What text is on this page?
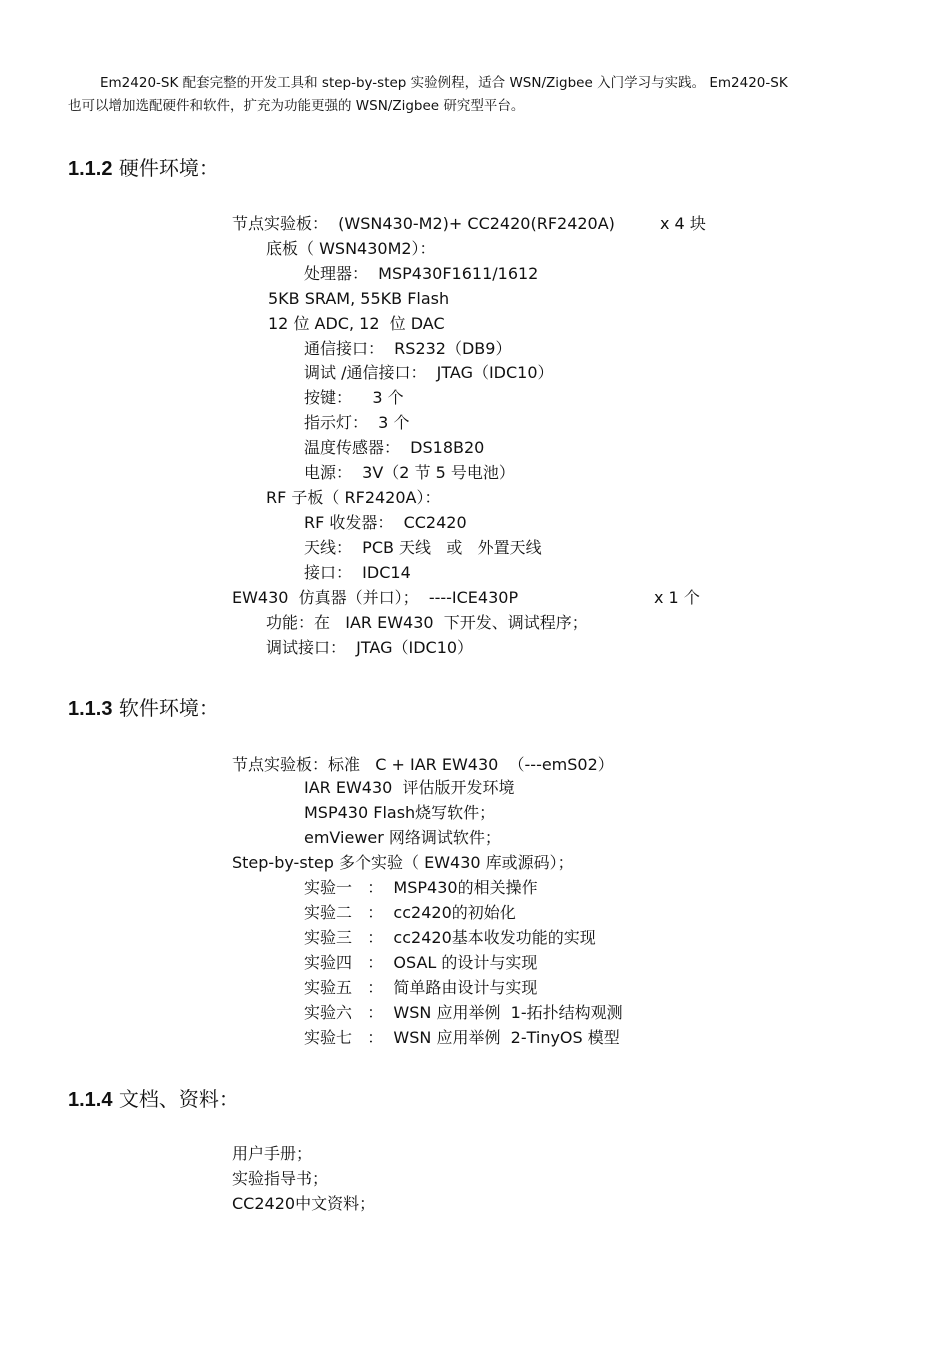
Em2420-SK 配套完整的开发工具和 step-by-step 实验例程，适合 WSN/Zigbee 入门学习与实践。 Em2420-SK

也可以增加选配硬件和软件，扩充为功能更强的 WSN/Zigbee 研究型平台。

1.1.2 硬件环境：
节点实验板：  (WSN430-M2)+ CC2420(RF2420A)	x 4 块
底板（ WSN430M2）：
处理器：  MSP430F1611/1612
5KB SRAM, 55KB Flash
12 位 ADC, 12  位 DAC
通信接口：  RS232（DB9）
调试 /通信接口：  JTAG（IDC10）
按键：    3 个
指示灯：  3 个
温度传感器：  DS18B20
电源：  3V（2 节 5 号电池）
RF 子板（ RF2420A）：
RF 收发器：  CC2420
天线：  PCB 天线   或   外置天线
接口：  IDC14
EW430  仿真器（并口）；  ----ICE430P	x 1 个
功能：在   IAR EW430  下开发、调试程序；
调试接口：  JTAG（IDC10）
1.1.3 软件环境：
节点实验板：标准   C + IAR EW430  （---emS02）
IAR EW430  评估版开发环境
MSP430 Flash烧写软件；
emViewer 网络调试软件；
Step-by-step 多个实验（ EW430 库或源码）；
实验一   ：  MSP430的相关操作
实验二   ：  cc2420的初始化
实验三   ：  cc2420基本收发功能的实现
实验四   ：  OSAL 的设计与实现
实验五   ：  简单路由设计与实现
实验六   ：  WSN 应用举例  1-拓扑结构观测
实验七   ：  WSN 应用举例  2-TinyOS 模型
1.1.4 文档、资料：
用户手册；
实验指导书；
CC2420中文资料；
